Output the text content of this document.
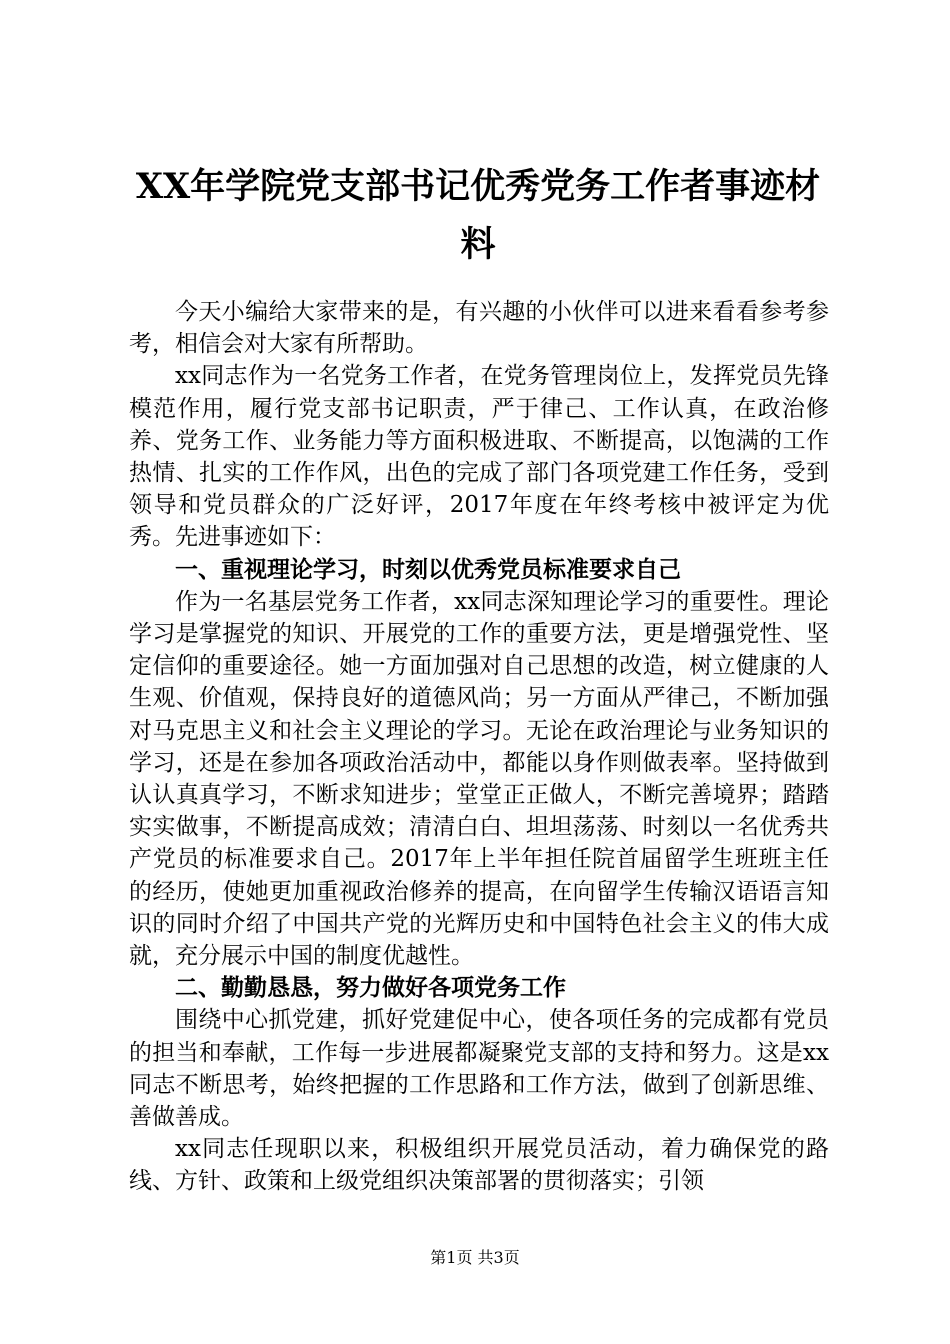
XX年学院党支部书记优秀党务工作者事迹材料

今天小编给大家带来的是，有兴趣的小伙伴可以进来看看参考参考，相信会对大家有所帮助。

xx同志作为一名党务工作者，在党务管理岗位上，发挥党员先锋模范作用，履行党支部书记职责，严于律己、工作认真，在政治修养、党务工作、业务能力等方面积极进取、不断提高，以饱满的工作热情、扎实的工作作风，出色的完成了部门各项党建工作任务，受到领导和党员群众的广泛好评，2017年度在年终考核中被评定为优秀。先进事迹如下：

一、重视理论学习，时刻以优秀党员标准要求自己

作为一名基层党务工作者，xx同志深知理论学习的重要性。理论学习是掌握党的知识、开展党的工作的重要方法，更是增强党性、坚定信仰的重要途径。她一方面加强对自己思想的改造，树立健康的人生观、价值观，保持良好的道德风尚；另一方面从严律己，不断加强对马克思主义和社会主义理论的学习。无论在政治理论与业务知识的学习，还是在参加各项政治活动中，都能以身作则做表率。坚持做到认认真真学习，不断求知进步；堂堂正正做人，不断完善境界；踏踏实实做事，不断提高成效；清清白白、坦坦荡荡、时刻以一名优秀共产党员的标准要求自己。2017年上半年担任院首届留学生班班主任的经历，使她更加重视政治修养的提高，在向留学生传输汉语语言知识的同时介绍了中国共产党的光辉历史和中国特色社会主义的伟大成就，充分展示中国的制度优越性。

二、勤勤恳恳，努力做好各项党务工作

围绕中心抓党建，抓好党建促中心，使各项任务的完成都有党员的担当和奉献，工作每一步进展都凝聚党支部的支持和努力。这是xx同志不断思考，始终把握的工作思路和工作方法，做到了创新思维、善做善成。

xx同志任现职以来，积极组织开展党员活动，着力确保党的路线、方针、政策和上级党组织决策部署的贯彻落实；引领

第1页 共3页
